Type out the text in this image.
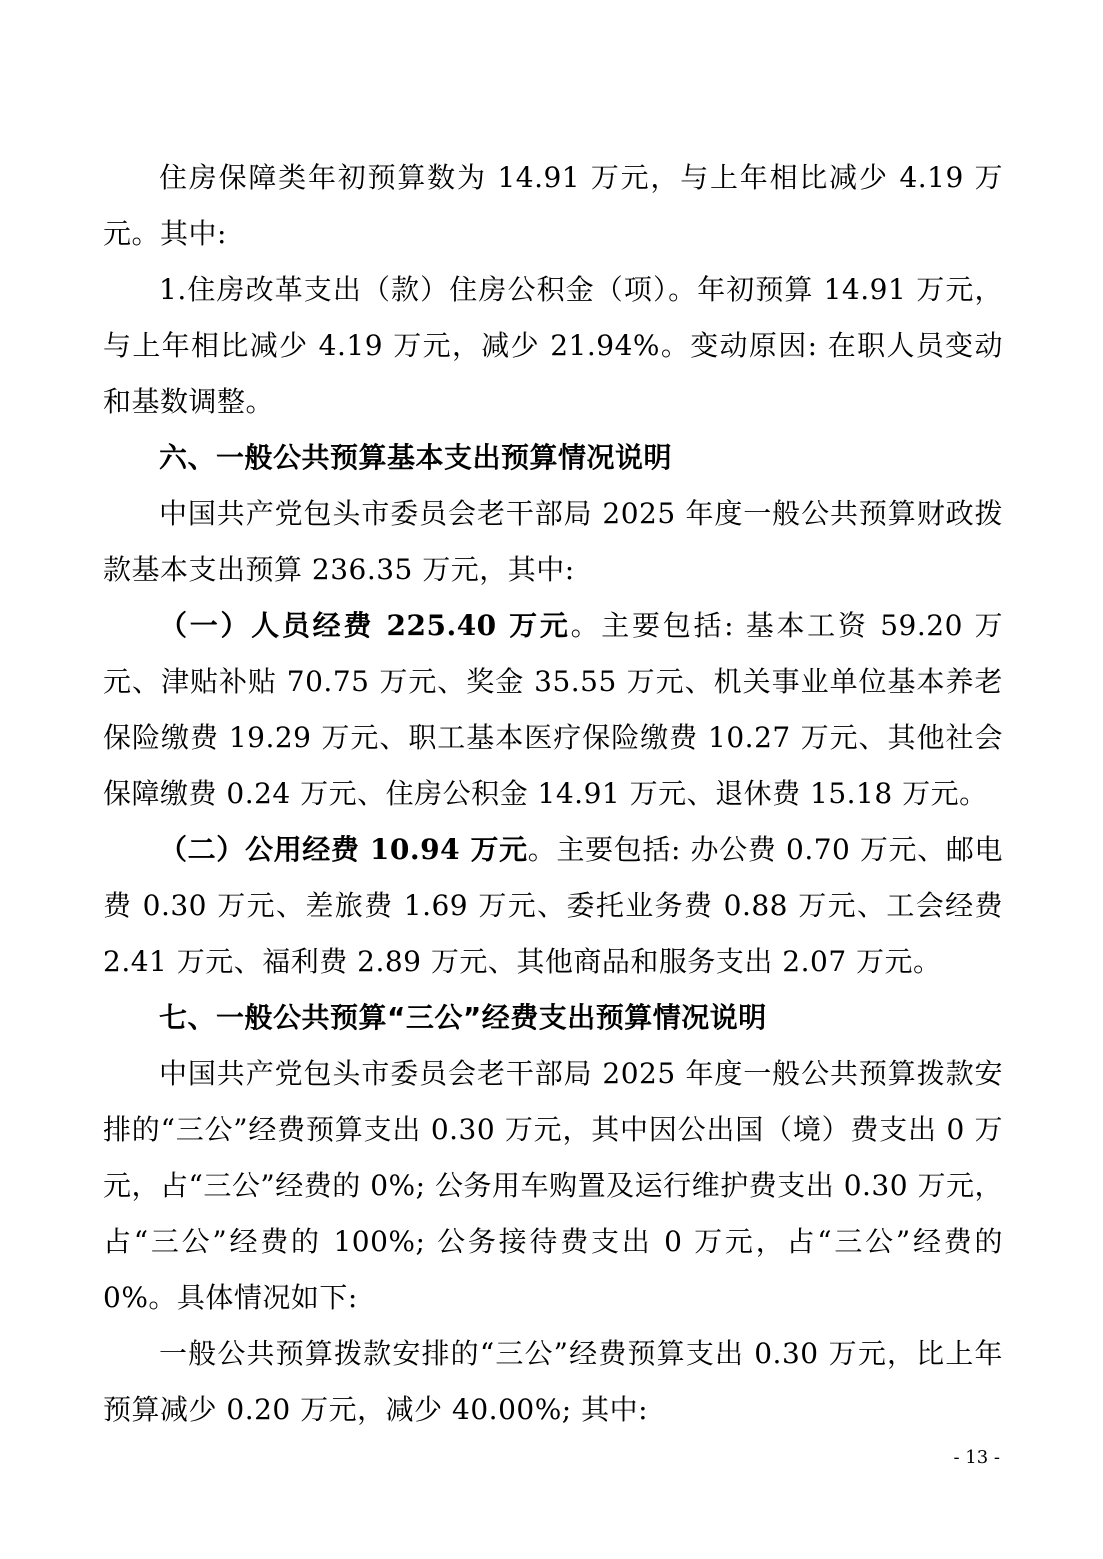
住房保障类年初预算数为 14.91 万元，与上年相比减少 4.19 万元。其中:

1.住房改革支出（款）住房公积金（项）。年初预算 14.91 万元，与上年相比减少 4.19 万元，减少 21.94%。变动原因: 在职人员变动和基数调整。

六、一般公共预算基本支出预算情况说明

中国共产党包头市委员会老干部局 2025 年度一般公共预算财政拨款基本支出预算 236.35 万元，其中:

（一）人员经费 225.40 万元。主要包括: 基本工资 59.20 万元、津贴补贴 70.75 万元、奖金 35.55 万元、机关事业单位基本养老保险缴费 19.29 万元、职工基本医疗保险缴费 10.27 万元、其他社会保障缴费 0.24 万元、住房公积金 14.91 万元、退休费 15.18 万元。

（二）公用经费 10.94 万元。主要包括: 办公费 0.70 万元、邮电费 0.30 万元、差旅费 1.69 万元、委托业务费 0.88 万元、工会经费 2.41 万元、福利费 2.89 万元、其他商品和服务支出 2.07 万元。

七、一般公共预算“三公”经费支出预算情况说明

中国共产党包头市委员会老干部局 2025 年度一般公共预算拨款安排的“三公”经费预算支出 0.30 万元，其中因公出国（境）费支出 0 万元，占“三公”经费的 0%; 公务用车购置及运行维护费支出 0.30 万元，占“三公”经费的 100%; 公务接待费支出 0 万元，占“三公”经费的 0%。具体情况如下:

一般公共预算拨款安排的“三公”经费预算支出 0.30 万元，比上年预算减少 0.20 万元，减少 40.00%; 其中:

- 13 -
